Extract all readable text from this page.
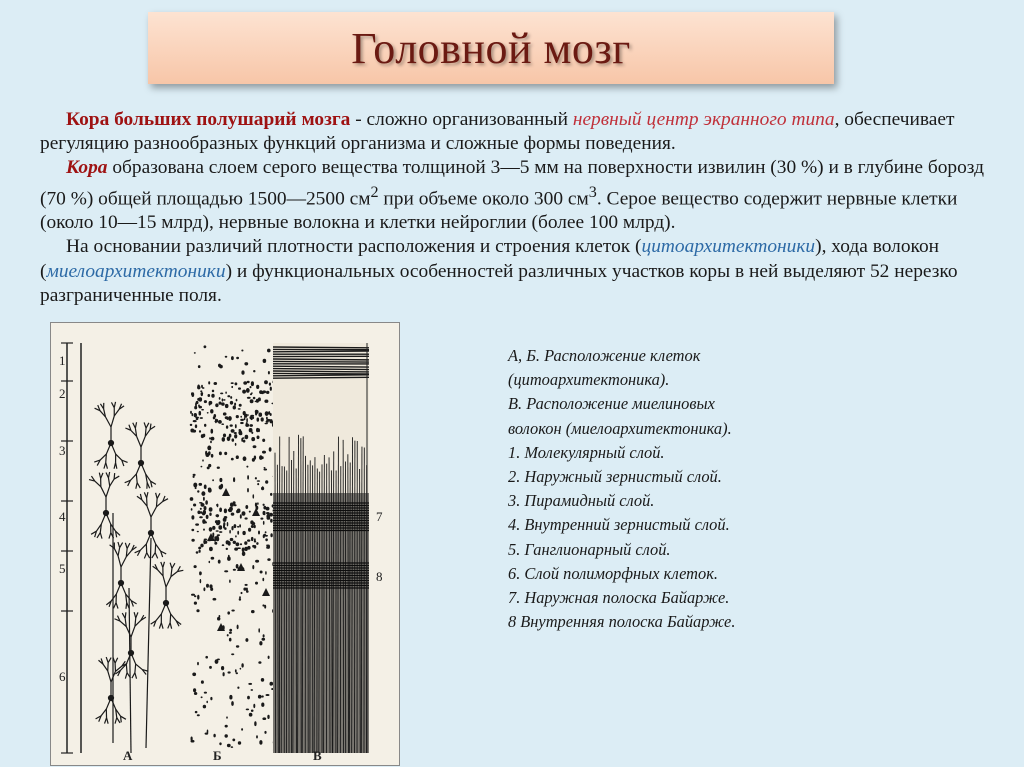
Головной мозг

Кора больших полушарий мозга - сложно организованный нервный центр экранного типа, обеспечивает регуляцию разнообразных функций организма и сложные формы поведения.

Кора образована слоем серого вещества толщиной 3—5 мм на поверхности извилин (30 %) и в глубине борозд (70 %) общей площадью 1500—2500 $см^2$ при объеме около 300 $см^3$. Серое вещество содержит нервные клетки (около 10—15 млрд), нервные волокна и клетки нейроглии (более 100 млрд).

На основании различий плотности расположения и строения клеток (цитоархитектоники), хода волокон (миелоархитектоники) и функциональных особенностей различных участков коры в ней выделяют 52 нерезко разграниченные поля.

1
2
3
4
5
6
7
8
А	Б	В
А, Б. Расположение клеток
(цитоархитектоника).
В. Расположение миелиновых
волокон (миелоархитектоника).
1. Молекулярный слой.
2. Наружный зернистый слой.
3. Пирамидный слой.
4. Внутренний зернистый слой.
5. Ганглионарный слой.
6. Слой полиморфных клеток.
7. Наружная полоска Байарже.
8 Внутренняя полоска Байарже.
